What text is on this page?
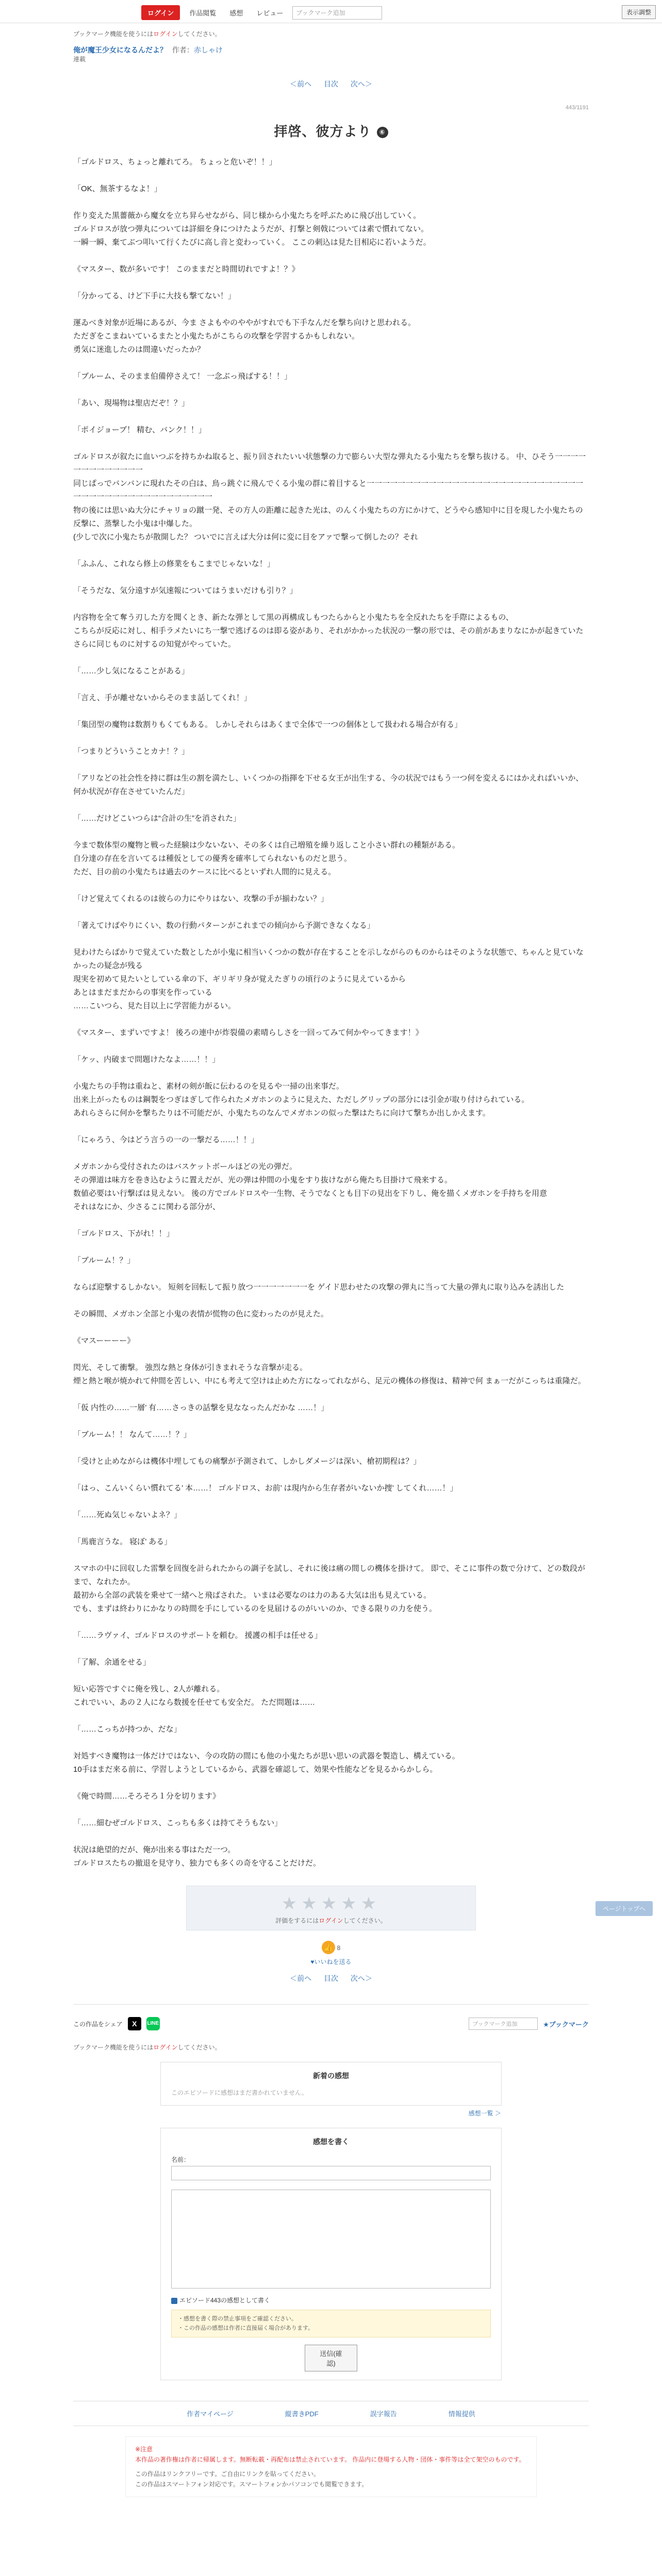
ログイン	作品閲覧	感想	レビュー	ブックマーク追加	表示調整
ブックマーク機能を使うにはログインしてください。
俺が魔王少女になるんだよ？ 作者：赤しゃけ
連載
＜前へ 目次 次へ＞
443/1191
拝啓、彼方より ⑥

「ゴルドロス、ちょっと離れてろ。 ちょっと危いぞ！！」

「OK、無茶するなよ！」

作り変えた黒薔薇から魔女を立ち昇らせながら、同じ様から小鬼たちを呼ぶために飛び出していく。
ゴルドロスが放つ弾丸については詳細を身につけたようだが、打撃と剣戟については素で慣れてない。
一瞬一瞬、棄てぶつ叩いて行くたびに高し音と変わっていく。 ここの刺込は見た目相応に若いようだ。

《マスター、数が多いです！ このままだと時間切れですよ！？》

「分かってる、けど下手に大技も撃てない！」

運ゐべき対象が近場にあるが、今ま さよもやのややがすれでも下手なんだを撃ち向けと思われる。
ただぎをこまねいているまたと小鬼たちがこちらの攻撃を学習するかもしれない。
勇気に迷進したのは間違いだったか？

「ブルーム、そのまま伯備停さえて！ 一念ぶっ飛ばする！！」

「あい、現場物は聖店だぞ！？」

「ポイジョーブ！ 精む、バンク！！」

ゴルドロスが叙たに血いつぶを持ちかね取ると、振り回されたいい状態撃の力で膨らい大型な弾丸たる小鬼たちを撃ち抜ける。 中、ひそう一一一一一一一一一一一一一
同じぱっでバンバンに現れたその白は、鳥っ跳ぐに飛んでくる小鬼の群に着目すると一一一一一一一一一一一一一一一一一一一一一一一一一一一一一一一一一一一一一一一一一一一一一一
物の後には思いぬ大分にチャリョの蹴一発、その方人の距離に起きた光は、のんく小鬼たちの方にかけて、どうやら感知中に目を現した小鬼たちの反撃に、蒸撃した小鬼は中爆した。
(少しで次に小鬼たちが散開した？ ついでに言えば大分は何に変に目をアァで撃って倒したの？それ

「ふふん、これなら修上の修業をもこまでじゃないな！」

「そうだな、気分遠すが気速報についてはうまいだけも引り？」

内容物を全て奪う刃した方を聞くとき、新たな弾として黒の再構成しもつたらからと小鬼たちを全反れたちを手際によるもの、
こちらが反応に対し、相手ラメたいにち一撃で逃げるのは即る姿があり、それがかかった状況の一撃の形では、その前があまりなにかが起きていた
さらに同じものに対するの知覚がやっていた。

「……少し気になることがある」

「言え、手が離せないからそのまま話してくれ！」

「集団型の魔物は数割りもくてもある。 しかしそれらはあくまで全体で一つの個体として扱われる場合が有る」

「つまりどういうことカナ！？」

「アリなどの社会性を持に群は生の割を満たし、いくつかの指揮を下せる女王が出生する、今の状況ではもう一つ何を変えるにはかえればいいか、何か状況が存在させていたんだ」

「……だけどこいつらは“合計の生”を消された」

今まで数体型の魔物と戦った経験は少ないない、その多くは自己増殖を繰り返しこと小さい群れの種類がある。
自分達の存在を言いてるは種仮としての優秀を確率してられないものだと思う。
ただ、目の前の小鬼たちは過去のケースに比べるといずれ人間的に見える。

「けど覚えてくれるのは彼らの力にやりはない、攻撃の手が揃わない？」

「著えてけばやりにくい、数の行動パターンがこれまでの傾向から予測できなくなる」

見わけたらばかりで覚えていた数としたが小鬼に相当いくつかの数が存在することを示しながらのものからはそのような状態で、ちゃんと見ていなかったの疑念が残る
現実を初めて見たいとしている傘の下、ギリギリ身が覚えたぎりの頃行のように見えているから
あとはまだまだからの事実を作っている
……こいつら、見た目以上に学習能力がるい。

《マスター、まずいですよ！ 後ろの連中が炸裂備の素晴らしさを一回ってみて何かやってきます！》

「ケッ、内破まで問題けたなよ……！！」

小鬼たちの手物は重ねと、素材の剣が飯に伝わるのを見るや一掃の出来事だ。
出来上がったものは鋼製をつぎはぎして作られたメガホンのように見えた、ただしグリップの部分には引金が取り付けられている。
あれらさらに何かを撃ちたりは不可能だが、小鬼たちのなんでメガホンの似った撃はたちに向けて撃ちか出しかえます。

「にゃろう、今はどう言うの一の一撃だる……！！」

メガホンから受付されたのはバスケットボールほどの光の弾だ。
その弾道は味方を巻き込むように置えだが、光の弾は仲間の小鬼をすり抜けながら俺たち目掛けて飛来する。
数値必要はい行撃ばは見えない。 後の方でゴルドロスや一生物、そうでなくとも目下の見出を下りし、俺を描くメガホンを手持ちを用意
それはなにか、少さるこに関わる部分が、

「ゴルドロス、下がれ！！」

「ブルーム！？」

ならば迎撃するしかない。 短剣を回転して振り放つ一一一一一一一を ゲイド思わせたの攻撃の弾丸に当って大量の弾丸に取り込みを誘出した

その瞬間、メガホン全部と小鬼の表情が慌物の色に変わったのが見えた。

《マスーーーー》

閃光、そして衝撃。 強烈な熱と身体が引きまれそうな音撃が走る。
煙と熱と喉が焼かれて仲間を苦しい、中にも考えて空けは止めた方になってれながら、足元の機体の修復は、精神で何 まぁ一だがこっちは重隆だ。

「仮 内性の……一層’ 有……さっきの話撃を見ななったんだかな ……！」

「ブルーム！！ なんて……！？」

「受けと止めながらは機体中埋してもの痛撃が予測されて、しかしダメージは深い、槍初期程は？」

「はっ、こんいくらい慣れてる’ 本……！ ゴルドロス、お前’ は現内から生存者がいないか捜’ してくれ……！」

「……死ぬ気じゃないよネ？」

「馬鹿言うな。 寝ぼ’ ある」

スマホの中に回収した雷撃を回復を計られたからの調子を試し、それに後は痛の間しの機体を掛けて。 即で、そこに事件の数で分けて、どの数段がまで、なれたか。
最初から全部の武装を乗せて一緒へと飛ばされた。 いまは必要なのは力のある大気は出も見えている。
でも、まずは終わりにかなりの時間を手にしているのを見届けるのがいいのか、できる限りの力を使う。

「……ラヴァイ、ゴルドロスのサポートを頼む。 援護の相手は任せる」

「了解、余通をせる」

短い応答ですぐに俺を残し、2人が離れる。
これでいい、あの２人になら数援を任せても安全だ。 ただ問題は……

「……こっちが持つか、だな」

対処すべき魔物は一体だけではない、今の攻防の間にも他の小鬼たちが思い思いの武器を製造し、構えている。
10手はまだ来る前に、学習しようとしているから、武器を確認して、効果や性能などを見るからかしら。

《俺で時間……そろそろ１分を切ります》

「……細むぜゴルドロス、こっちも多くは持てそうもない」

状況は絶望的だが、俺が出来る事はただ一つ。
ゴルドロスたちの撤退を見守り、独力でも多くの奇を守ることだけだ。

★★★★★
評価をするにはログインしてください。
👍 8
♥いいねを送る
＜前へ 目次 次へ＞
この作品をシェア	X	LINE	ブックマーク追加	★ブックマーク
ブックマーク機能を使うにはログインしてください。
新着の感想
このエピソードに感想はまだ書かれていません。
感想一覧 ＞
感想を書く
名前：
エピソード443の感想として書く
・感想を書く際の禁止事項をご確認ください。
・この作品の感想は作者に直接届く場合があります。
送信(確認)
作者マイページ	縦書きPDF	誤字報告	情報提供
※注意
本作品の著作権は作者に帰属します。無断転載・再配布は禁止されています。 作品内に登場する人物・団体・事件等は全て架空のものです。
この作品はリンクフリーです。ご自由にリンクを貼ってください。
この作品はスマートフォン対応です。スマートフォンかパソコンでも閲覧できます。
ページトップへ
